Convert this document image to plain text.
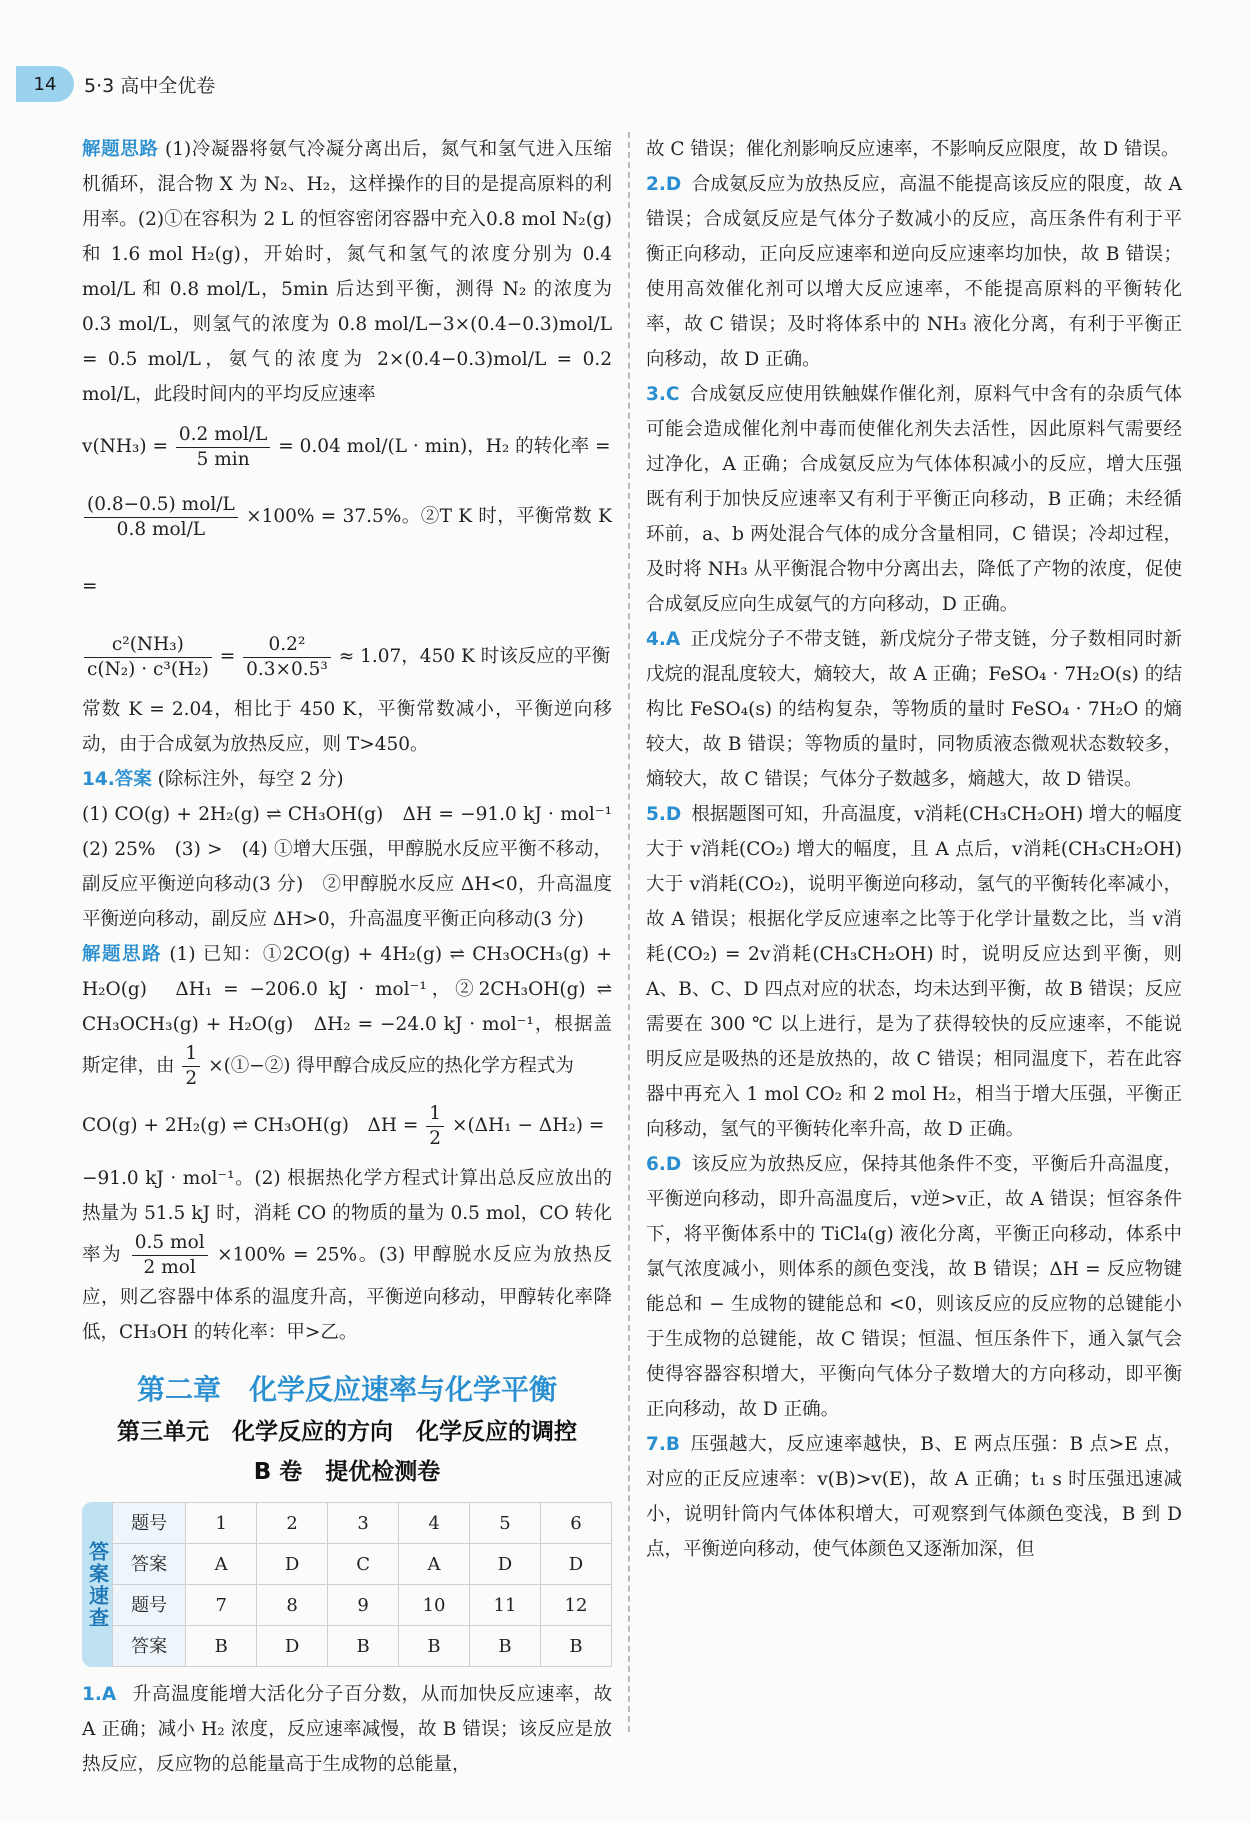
14	5·3 高中全优卷

解题思路 (1)冷凝器将氨气冷凝分离出后，氮气和氢气进入压缩机循环，混合物 X 为 N₂、H₂，这样操作的目的是提高原料的利用率。(2)①在容积为 2 L 的恒容密闭容器中充入0.8 mol N₂(g)和 1.6 mol H₂(g)，开始时，氮气和氢气的浓度分别为 0.4 mol/L 和 0.8 mol/L，5min 后达到平衡，测得 N₂ 的浓度为 0.3 mol/L，则氢气的浓度为 0.8 mol/L−3×(0.4−0.3)mol/L = 0.5 mol/L，氨气的浓度为 2×(0.4−0.3)mol/L = 0.2 mol/L，此段时间内的平均反应速率

$v(NH_3) = \frac{\text{0.2 mol/L}}{5 \min} = 0.04$ mol/(L · min)，H₂ 的转化率 =

$\frac{\text{(0.8−0.5) mol/L}}{\text{0.8 mol/L}} \times 100\% = 37.5\%$。②T K 时，平衡常数 K =

$\frac{\text{c²(NH₃)}}{\text{c(N₂) · c³(H₂)}} = \frac{\text{0.2²}}{\text{0.3×0.5³}} \approx 1.07$，450 K 时该反应的平衡

常数 K = 2.04，相比于 450 K，平衡常数减小，平衡逆向移动，由于合成氨为放热反应，则 T>450。

14.答案 (除标注外，每空 2 分)

(1) CO(g) + 2H₂(g) ⇌ CH₃OH(g)　ΔH = −91.0 kJ · mol⁻¹　(2) 25%　(3) >　(4) ①增大压强，甲醇脱水反应平衡不移动，副反应平衡逆向移动(3 分)　②甲醇脱水反应 ΔH<0，升高温度平衡逆向移动，副反应 ΔH>0，升高温度平衡正向移动(3 分)

解题思路 (1) 已知：①2CO(g) + 4H₂(g) ⇌ CH₃OCH₃(g) + H₂O(g)　ΔH₁ = −206.0 kJ · mol⁻¹，②2CH₃OH(g) ⇌ CH₃OCH₃(g) + H₂O(g)　ΔH₂ = −24.0 kJ · mol⁻¹，根据盖斯定律，由 $\frac{1}{2}$ ×(①−②) 得甲醇合成反应的热化学方程式为

CO(g) + 2H₂(g) ⇌ CH₃OH(g)　$\Delta H = \frac{1}{2} \times(\Delta H_1 - \Delta H_2)$ =

−91.0 kJ · mol⁻¹。(2) 根据热化学方程式计算出总反应放出的热量为 51.5 kJ 时，消耗 CO 的物质的量为 0.5 mol，CO 转化率为 $\frac{\text{0.5 mol}}{\text{2 mol}} \times 100\% = 25\%$。(3) 甲醇脱水反应为放热反应，则乙容器中体系的温度升高，平衡逆向移动，甲醇转化率降低，CH₃OH 的转化率：甲>乙。

第二章　化学反应速率与化学平衡
第三单元　化学反应的方向　化学反应的调控
B 卷　提优检测卷
答案速查
题号	1	2	3	4	5	6
答案	A	D	C	A	D	D
题号	7	8	9	10	11	12
答案	B	D	B	B	B	B

1.A 升高温度能增大活化分子百分数，从而加快反应速率，故 A 正确；减小 H₂ 浓度，反应速率减慢，故 B 错误；该反应是放热反应，反应物的总能量高于生成物的总能量，

故 C 错误；催化剂影响反应速率，不影响反应限度，故 D 错误。

2.D 合成氨反应为放热反应，高温不能提高该反应的限度，故 A 错误；合成氨反应是气体分子数减小的反应，高压条件有利于平衡正向移动，正向反应速率和逆向反应速率均加快，故 B 错误；使用高效催化剂可以增大反应速率，不能提高原料的平衡转化率，故 C 错误；及时将体系中的 NH₃ 液化分离，有利于平衡正向移动，故 D 正确。

3.C 合成氨反应使用铁触媒作催化剂，原料气中含有的杂质气体可能会造成催化剂中毒而使催化剂失去活性，因此原料气需要经过净化，A 正确；合成氨反应为气体体积减小的反应，增大压强既有利于加快反应速率又有利于平衡正向移动，B 正确；未经循环前，a、b 两处混合气体的成分含量相同，C 错误；冷却过程，及时将 NH₃ 从平衡混合物中分离出去，降低了产物的浓度，促使合成氨反应向生成氨气的方向移动，D 正确。

4.A 正戊烷分子不带支链，新戊烷分子带支链，分子数相同时新戊烷的混乱度较大，熵较大，故 A 正确；FeSO₄ · 7H₂O(s) 的结构比 FeSO₄(s) 的结构复杂，等物质的量时 FeSO₄ · 7H₂O 的熵较大，故 B 错误；等物质的量时，同物质液态微观状态数较多，熵较大，故 C 错误；气体分子数越多，熵越大，故 D 错误。

5.D 根据题图可知，升高温度，v消耗(CH₃CH₂OH) 增大的幅度大于 v消耗(CO₂) 增大的幅度，且 A 点后，v消耗(CH₃CH₂OH) 大于 v消耗(CO₂)，说明平衡逆向移动，氢气的平衡转化率减小，故 A 错误；根据化学反应速率之比等于化学计量数之比，当 v消耗(CO₂) = 2v消耗(CH₃CH₂OH) 时，说明反应达到平衡，则 A、B、C、D 四点对应的状态，均未达到平衡，故 B 错误；反应需要在 300 ℃ 以上进行，是为了获得较快的反应速率，不能说明反应是吸热的还是放热的，故 C 错误；相同温度下，若在此容器中再充入 1 mol CO₂ 和 2 mol H₂，相当于增大压强，平衡正向移动，氢气的平衡转化率升高，故 D 正确。

6.D 该反应为放热反应，保持其他条件不变，平衡后升高温度，平衡逆向移动，即升高温度后，v逆>v正，故 A 错误；恒容条件下，将平衡体系中的 TiCl₄(g) 液化分离，平衡正向移动，体系中氯气浓度减小，则体系的颜色变浅，故 B 错误；ΔH = 反应物键能总和 − 生成物的键能总和 <0，则该反应的反应物的总键能小于生成物的总键能，故 C 错误；恒温、恒压条件下，通入氯气会使得容器容积增大，平衡向气体分子数增大的方向移动，即平衡正向移动，故 D 正确。

7.B 压强越大，反应速率越快，B、E 两点压强：B 点>E 点，对应的正反应速率：v(B)>v(E)，故 A 正确；t₁ s 时压强迅速减小，说明针筒内气体体积增大，可观察到气体颜色变浅，B 到 D 点，平衡逆向移动，使气体颜色又逐渐加深，但
